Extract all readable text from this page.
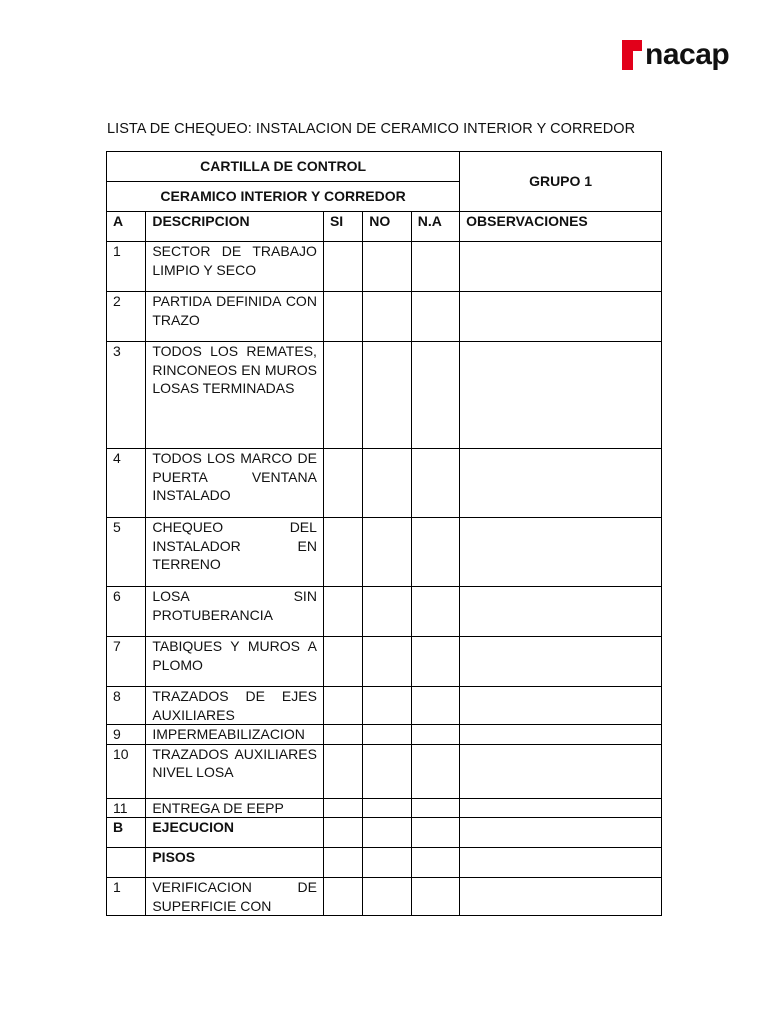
nacap
LISTA DE CHEQUEO: INSTALACION DE CERAMICO INTERIOR Y CORREDOR
CARTILLA DE CONTROL					GRUPO 1
CERAMICO INTERIOR Y CORREDOR					
A	DESCRIPCION	SI	NO	N.A	OBSERVACIONES
1	SECTOR DE TRABAJO LIMPIO Y SECO				
2	PARTIDA DEFINIDA CON TRAZO				
3	TODOS LOS REMATES, RINCONEOS EN MUROS LOSAS TERMINADAS				
4	TODOS LOS MARCO DE PUERTA VENTANA INSTALADO				
5	CHEQUEO DEL INSTALADOR EN TERRENO				
6	LOSA SIN PROTUBERANCIA				
7	TABIQUES Y MUROS A PLOMO				
8	TRAZADOS DE EJES AUXILIARES				
9	IMPERMEABILIZACION				
10	TRAZADOS AUXILIARES NIVEL LOSA				
11	ENTREGA DE EEPP				
B	EJECUCION				
	PISOS				
1	VERIFICACION DE SUPERFICIE CON				
